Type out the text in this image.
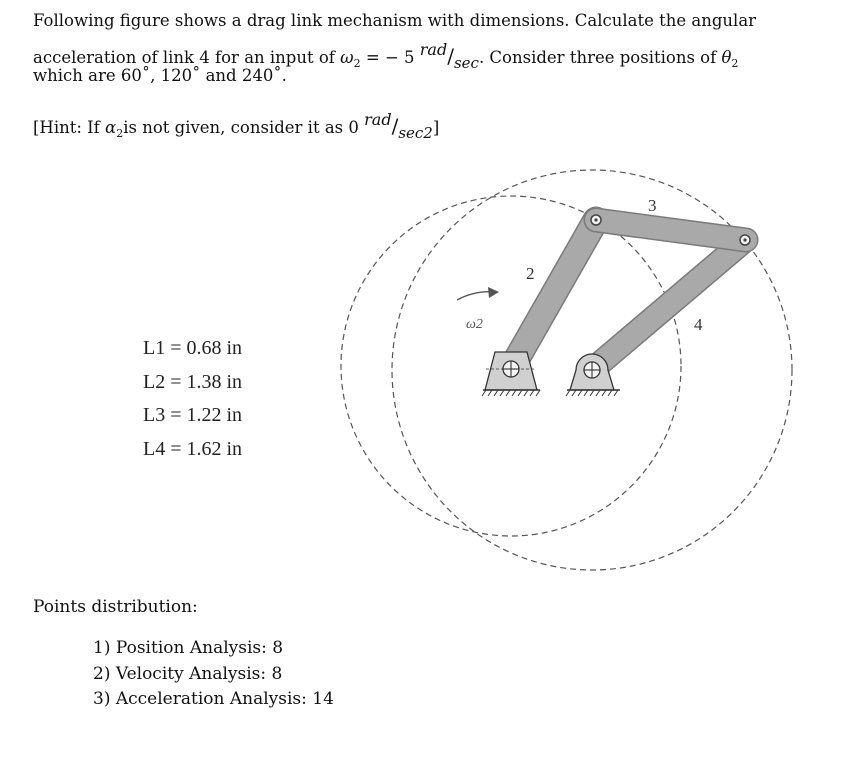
Following figure shows a drag link mechanism with dimensions. Calculate the angular

acceleration of link 4 for an input of $\omega_2$ = − 5 rad/sec. Consider three positions of $\theta_2$

which are 60˚, 120˚ and 240˚.

[Hint: If $\alpha_2is$ not given, consider it as 0 rad/sec2]

2
3
4
ω2
L1 = 0.68 in
L2 = 1.38 in
L3 = 1.22 in
L4 = 1.62 in

Points distribution:

1) Position Analysis: 8
2) Velocity Analysis: 8
3) Acceleration Analysis: 14
